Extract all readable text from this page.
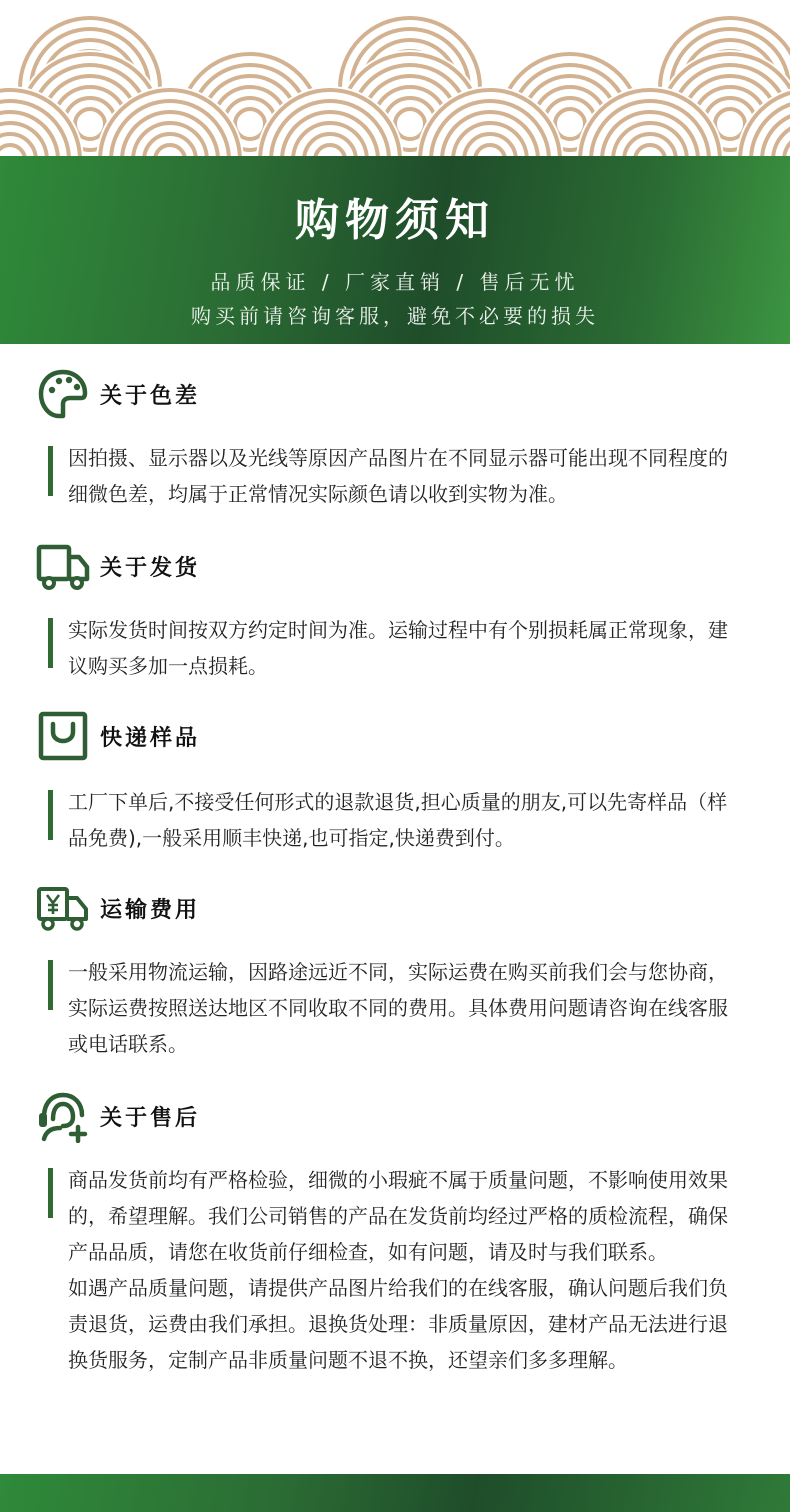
购物须知
品质保证 / 厂家直销 / 售后无忧
购买前请咨询客服，避免不必要的损失
关于色差

因拍摄、显示器以及光线等原因产品图片在不同显示器可能出现不同程度的细微色差，均属于正常情况实际颜色请以收到实物为准。

关于发货

实际发货时间按双方约定时间为准。运输过程中有个别损耗属正常现象，建议购买多加一点损耗。

快递样品

工厂下单后,不接受任何形式的退款退货,担心质量的朋友,可以先寄样品（样品免费),一般采用顺丰快递,也可指定,快递费到付。

运输费用

一般采用物流运输，因路途远近不同，实际运费在购买前我们会与您协商，实际运费按照送达地区不同收取不同的费用。具体费用问题请咨询在线客服或电话联系。

关于售后

商品发货前均有严格检验，细微的小瑕疵不属于质量问题，不影响使用效果的，希望理解。我们公司销售的产品在发货前均经过严格的质检流程，确保产品品质，请您在收货前仔细检查，如有问题，请及时与我们联系。

如遇产品质量问题，请提供产品图片给我们的在线客服，确认问题后我们负责退货，运费由我们承担。退换货处理：非质量原因，建材产品无法进行退换货服务，定制产品非质量问题不退不换，还望亲们多多理解。
